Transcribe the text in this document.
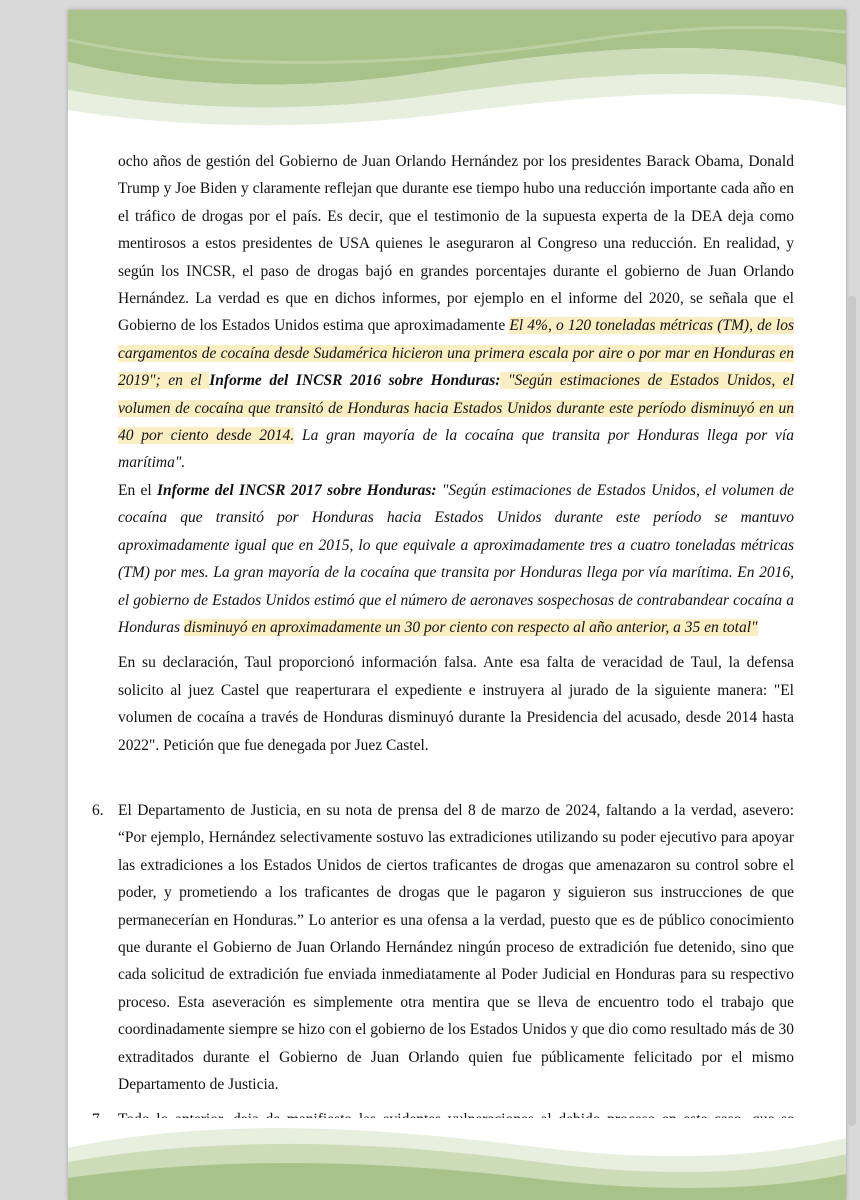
ocho años de gestión del Gobierno de Juan Orlando Hernández por los presidentes Barack Obama, Donald Trump y Joe Biden y claramente reflejan que durante ese tiempo hubo una reducción importante cada año en el tráfico de drogas por el país. Es decir, que el testimonio de la supuesta experta de la DEA deja como mentirosos a estos presidentes de USA quienes le aseguraron al Congreso una reducción. En realidad, y según los INCSR, el paso de drogas bajó en grandes porcentajes durante el gobierno de Juan Orlando Hernández. La verdad es que en dichos informes, por ejemplo en el informe del 2020, se señala que el Gobierno de los Estados Unidos estima que aproximadamente El 4%, o 120 toneladas métricas (TM), de los cargamentos de cocaína desde Sudamérica hicieron una primera escala por aire o por mar en Honduras en 2019"; en el Informe del INCSR 2016 sobre Honduras: "Según estimaciones de Estados Unidos, el volumen de cocaína que transitó de Honduras hacia Estados Unidos durante este período disminuyó en un 40 por ciento desde 2014. La gran mayoría de la cocaína que transita por Honduras llega por vía marítima".
En el Informe del INCSR 2017 sobre Honduras: "Según estimaciones de Estados Unidos, el volumen de cocaína que transitó por Honduras hacia Estados Unidos durante este período se mantuvo aproximadamente igual que en 2015, lo que equivale a aproximadamente tres a cuatro toneladas métricas (TM) por mes. La gran mayoría de la cocaína que transita por Honduras llega por vía marítima. En 2016, el gobierno de Estados Unidos estimó que el número de aeronaves sospechosas de contrabandear cocaína a Honduras disminuyó en aproximadamente un 30 por ciento con respecto al año anterior, a 35 en total"

En su declaración, Taul proporcionó información falsa. Ante esa falta de veracidad de Taul, la defensa solicito al juez Castel que reaperturara el expediente e instruyera al jurado de la siguiente manera: "El volumen de cocaína a través de Honduras disminuyó durante la Presidencia del acusado, desde 2014 hasta 2022". Petición que fue denegada por Juez Castel.

6. El Departamento de Justicia, en su nota de prensa del 8 de marzo de 2024, faltando a la verdad, asevero: “Por ejemplo, Hernández selectivamente sostuvo las extradiciones utilizando su poder ejecutivo para apoyar las extradiciones a los Estados Unidos de ciertos traficantes de drogas que amenazaron su control sobre el poder, y prometiendo a los traficantes de drogas que le pagaron y siguieron sus instrucciones de que permanecerían en Honduras.” Lo anterior es una ofensa a la verdad, puesto que es de público conocimiento que durante el Gobierno de Juan Orlando Hernández ningún proceso de extradición fue detenido, sino que cada solicitud de extradición fue enviada inmediatamente al Poder Judicial en Honduras para su respectivo proceso. Esta aseveración es simplemente otra mentira que se lleva de encuentro todo el trabajo que coordinadamente siempre se hizo con el gobierno de los Estados Unidos y que dio como resultado más de 30 extraditados durante el Gobierno de Juan Orlando quien fue públicamente felicitado por el mismo Departamento de Justicia.
